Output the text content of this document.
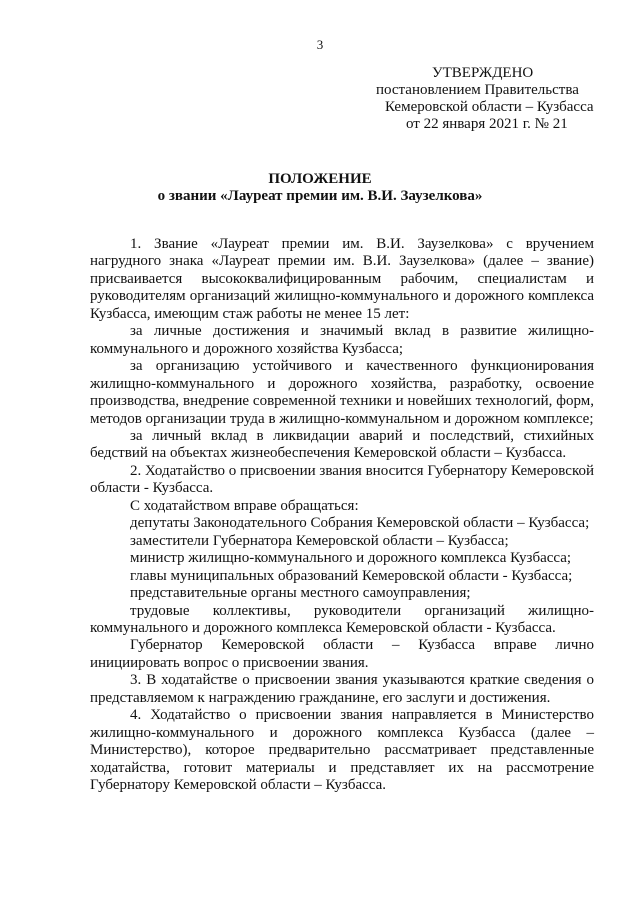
3
УТВЕРЖДЕНО
постановлением Правительства
Кемеровской области – Кузбасса
от 22 января 2021 г. № 21
ПОЛОЖЕНИЕ
о звании «Лауреат премии им. В.И. Заузелкова»

1. Звание «Лауреат премии им. В.И. Заузелкова» с вручением нагрудного знака «Лауреат премии им. В.И. Заузелкова» (далее – звание) присваивается высококвалифицированным рабочим, специалистам и руководителям организаций жилищно-коммунального и дорожного комплекса Кузбасса, имеющим стаж работы не менее 15 лет:

за личные достижения и значимый вклад в развитие жилищно-коммунального и дорожного хозяйства Кузбасса;

за организацию устойчивого и качественного функционирования жилищно-коммунального и дорожного хозяйства, разработку, освоение производства, внедрение современной техники и новейших технологий, форм, методов организации труда в жилищно-коммунальном и дорожном комплексе;

за личный вклад в ликвидации аварий и последствий, стихийных бедствий на объектах жизнеобеспечения Кемеровской области – Кузбасса.

2. Ходатайство о присвоении звания вносится Губернатору Кемеровской области - Кузбасса.

С ходатайством вправе обращаться:

депутаты Законодательного Собрания Кемеровской области – Кузбасса;

заместители Губернатора Кемеровской области – Кузбасса;

министр жилищно-коммунального и дорожного комплекса Кузбасса;

главы муниципальных образований Кемеровской области - Кузбасса;

представительные органы местного самоуправления;

трудовые коллективы, руководители организаций жилищно-коммунального и дорожного комплекса Кемеровской области - Кузбасса.

Губернатор Кемеровской области – Кузбасса вправе лично инициировать вопрос о присвоении звания.

3. В ходатайстве о присвоении звания указываются краткие сведения о представляемом к награждению гражданине, его заслуги и достижения.

4. Ходатайство о присвоении звания направляется в Министерство жилищно-коммунального и дорожного комплекса Кузбасса (далее – Министерство), которое предварительно рассматривает представленные ходатайства, готовит материалы и представляет их на рассмотрение Губернатору Кемеровской области – Кузбасса.
